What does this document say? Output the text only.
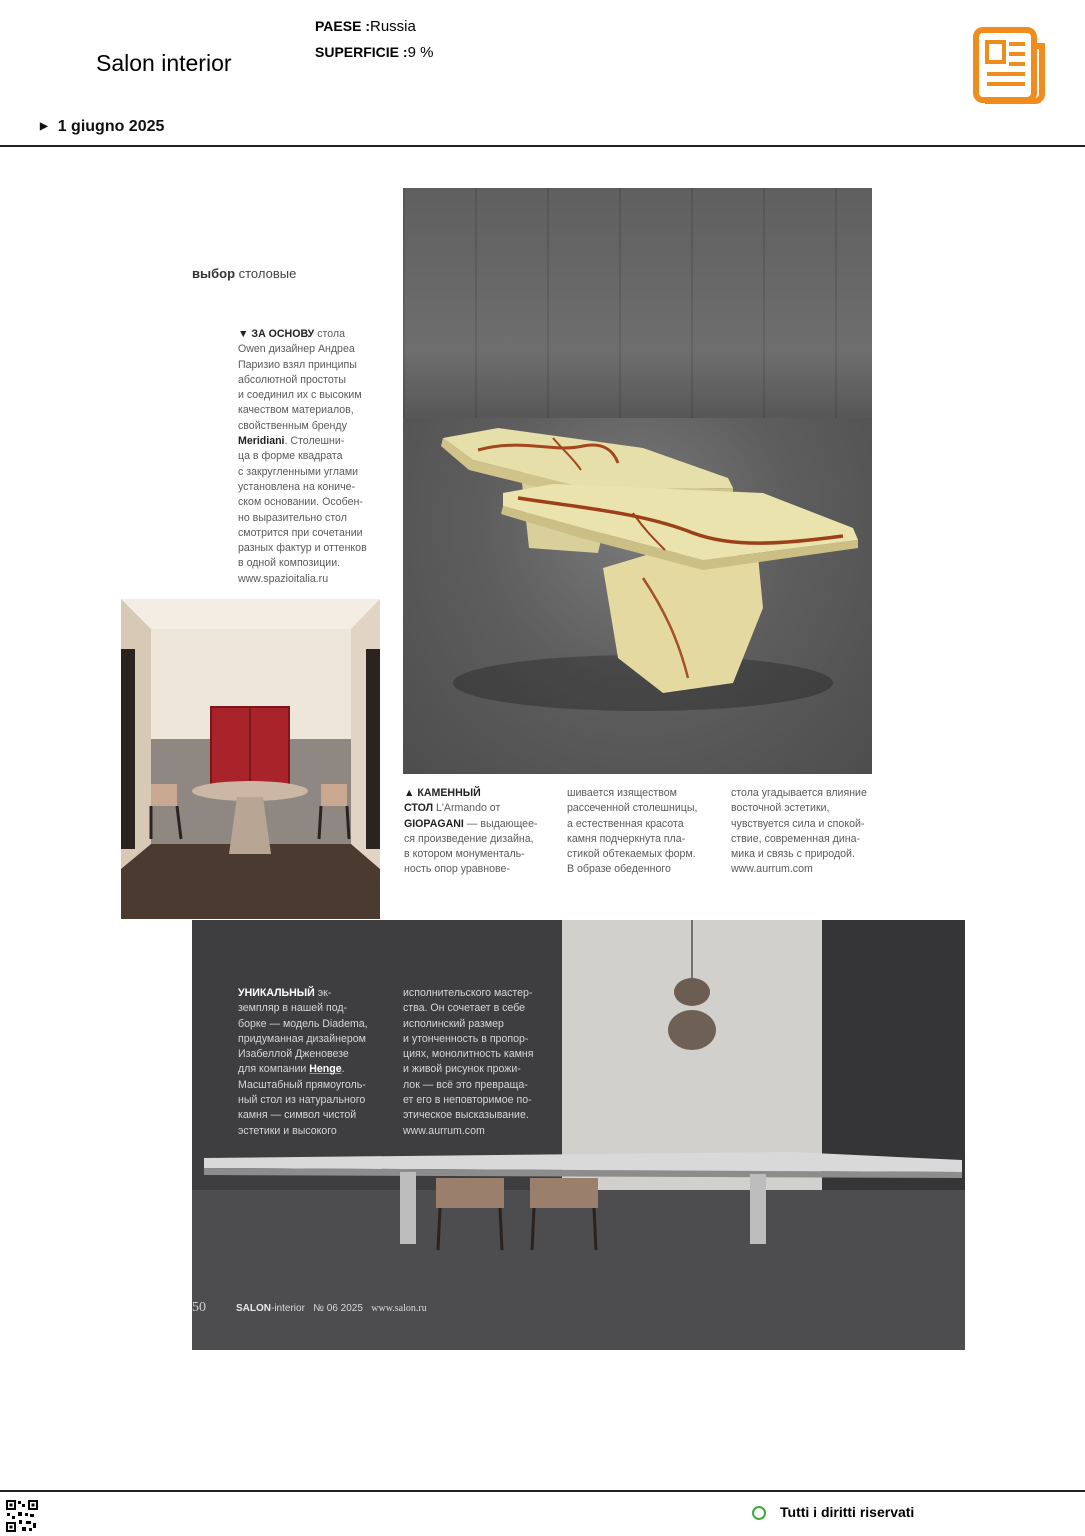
Salon interior
PAESE :Russia
SUPERFICIE :9 %
▶ 1 giugno 2025
выбор столовые
▼ ЗА ОСНОВУ стола
Owen дизайнер Андреа
Паризио взял принципы
абсолютной простоты
и соединил их с высоким
качеством материалов,
свойственным бренду
Meridiani. Столешни-
ца в форме квадрата
с закругленными углами
установлена на кониче-
ском основании. Особен-
но выразительно стол
смотрится при сочетании
разных фактур и оттенков
в одной композиции.
www.spazioitalia.ru
▲ КАМЕННЫЙ
СТОЛ L'Armando от
GIOPAGANI — выдающее-
ся произведение дизайна,
в котором монументаль-
ность опор уравнове-
шивается изяществом
рассеченной столешницы,
а естественная красота
камня подчеркнута пла-
стикой обтекаемых форм.
В образе обеденного
стола угадывается влияние
восточной эстетики,
чувствуется сила и спокой-
ствие, современная дина-
мика и связь с природой.
www.aurrum.com
УНИКАЛЬНЫЙ эк-
земпляр в нашей под-
борке — модель Diadema,
придуманная дизайнером
Изабеллой Дженовезе
для компании Henge.
Масштабный прямоуголь-
ный стол из натурального
камня — символ чистой
эстетики и высокого
исполнительского мастер-
ства. Он сочетает в себе
исполинский размер
и утонченность в пропор-
циях, монолитность камня
и живой рисунок прожи-
лок — всё это превраща-
ет его в неповторимое по-
этическое высказывание.
www.aurrum.com
50	SALON-interior № 06 2025 www.salon.ru
Tutti i diritti riservati
